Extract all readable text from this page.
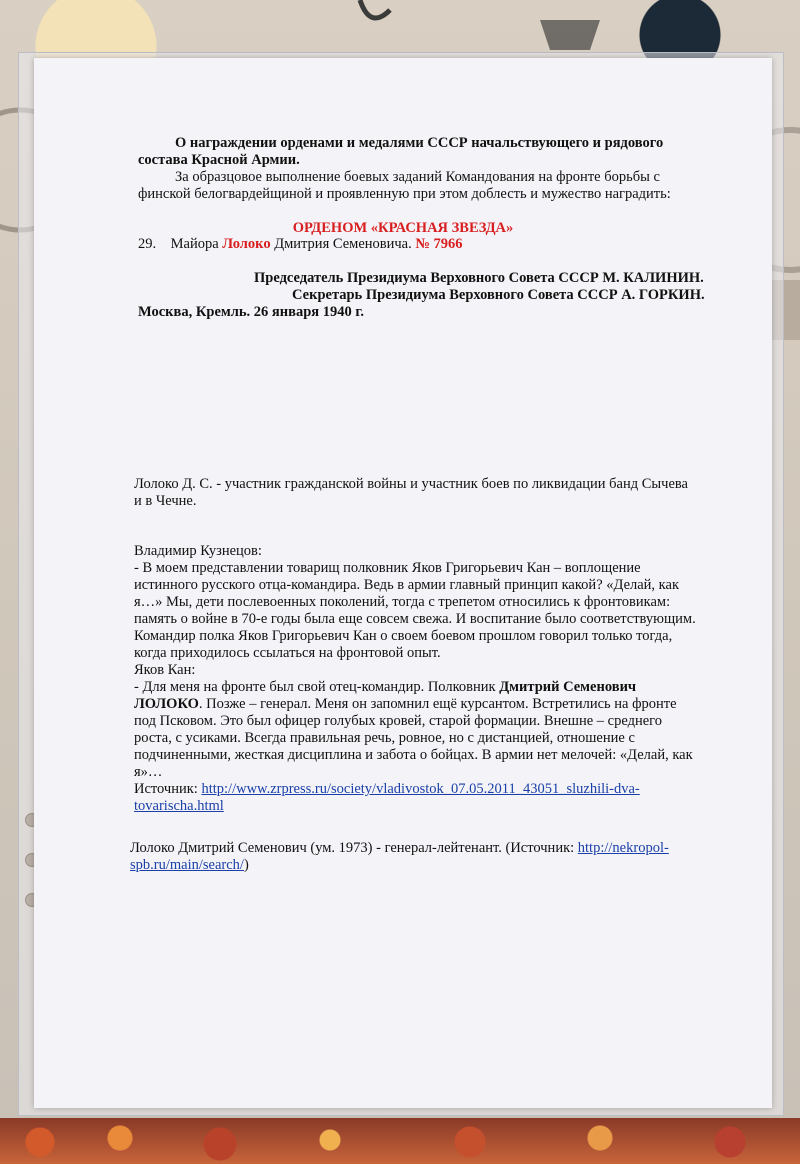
О награждении орденами и медалями СССР начальствующего и рядового
состава Красной Армии.
За образцовое выполнение боевых заданий Командования на фронте борьбы с
финской белогвардейщиной и проявленную при этом доблесть и мужество наградить:
ОРДЕНОМ «КРАСНАЯ ЗВЕЗДА»
29. Майора Лолоко Дмитрия Семеновича. № 7966
Председатель Президиума Верховного Совета СССР М. КАЛИНИН.
Секретарь Президиума Верховного Совета СССР А. ГОРКИН.
Москва, Кремль. 26 января 1940 г.
Лолоко Д. С. - участник гражданской войны и участник боев по ликвидации банд Сычева
и в Чечне.
Владимир Кузнецов:
- В моем представлении товарищ полковник Яков Григорьевич Кан – воплощение
истинного русского отца-командира. Ведь в армии главный принцип какой? «Делай, как
я…» Мы, дети послевоенных поколений, тогда с трепетом относились к фронтовикам:
память о войне в 70-е годы была еще совсем свежа. И воспитание было соответствующим.
Командир полка Яков Григорьевич Кан о своем боевом прошлом говорил только тогда,
когда приходилось ссылаться на фронтовой опыт.
Яков Кан:
- Для меня на фронте был свой отец-командир. Полковник Дмитрий Семенович
ЛОЛОКО. Позже – генерал. Меня он запомнил ещё курсантом. Встретились на фронте
под Псковом. Это был офицер голубых кровей, старой формации. Внешне – среднего
роста, с усиками. Всегда правильная речь, ровное, но с дистанцией, отношение с
подчиненными, жесткая дисциплина и забота о бойцах. В армии нет мелочей: «Делай, как
я»…
Источник: http://www.zrpress.ru/society/vladivostok_07.05.2011_43051_sluzhili-dva-
tovarischa.html
Лолоко Дмитрий Семенович (ум. 1973) - генерал-лейтенант. (Источник: http://nekropol-
spb.ru/main/search/)
